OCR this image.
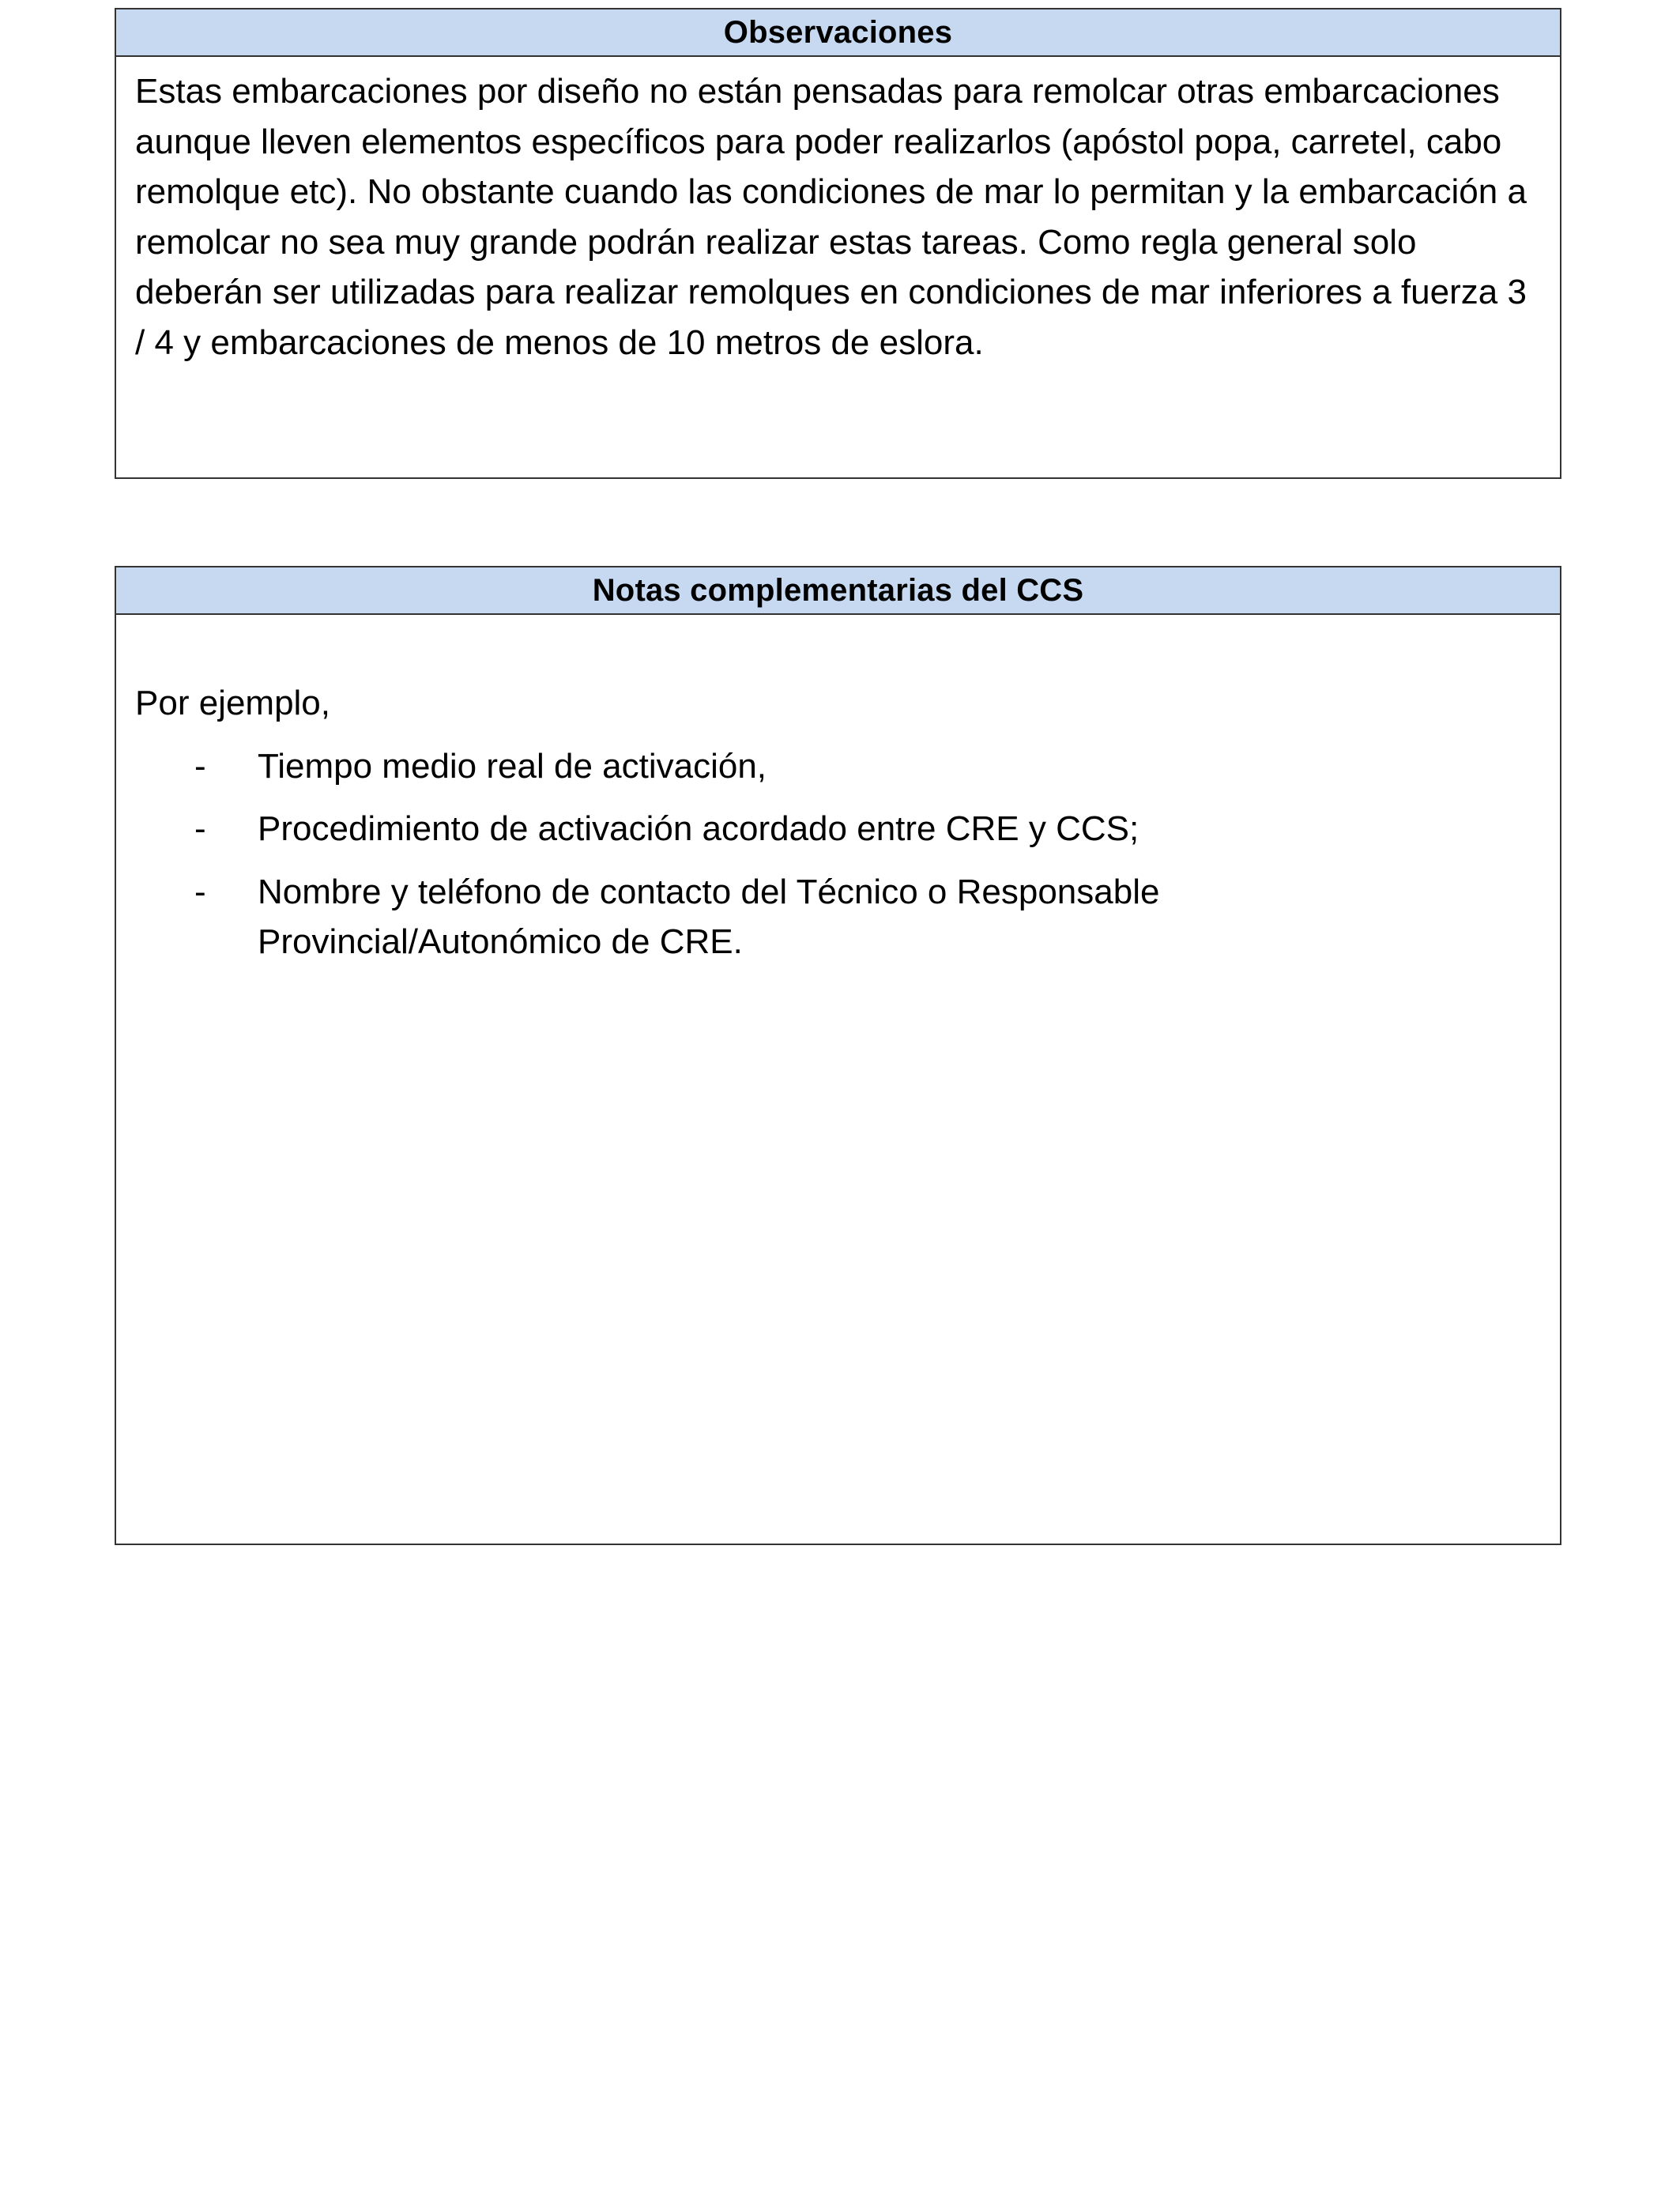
Observaciones

Estas embarcaciones por diseño no están pensadas para remolcar otras embarcaciones aunque lleven elementos específicos para poder realizarlos (apóstol popa, carretel, cabo remolque etc). No obstante cuando las condiciones de mar lo permitan y la embarcación a remolcar no sea muy grande podrán realizar estas tareas. Como regla general solo deberán ser utilizadas para realizar remolques en condiciones de mar inferiores a fuerza 3 / 4 y embarcaciones de menos de 10 metros de eslora.

Notas complementarias del CCS

Por ejemplo,

- Tiempo medio real de activación,
- Procedimiento de activación acordado entre CRE y CCS;
- Nombre y teléfono de contacto del Técnico o Responsable Provincial/Autonómico de CRE.
